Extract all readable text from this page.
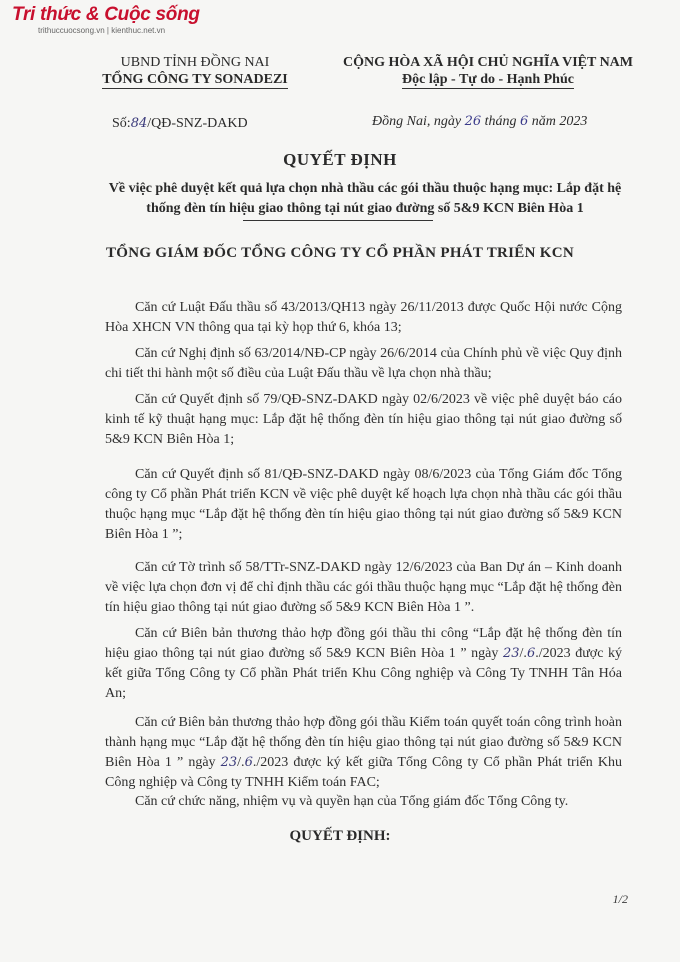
Tri thức & Cuộc sống
trithuccuocsong.vn | kienthuc.net.vn
UBND TỈNH ĐỒNG NAI
TỔNG CÔNG TY SONADEZI
CỘNG HÒA XÃ HỘI CHỦ NGHĨA VIỆT NAM
Độc lập - Tự do - Hạnh Phúc
Số:84/QĐ-SNZ-DAKD	Đồng Nai, ngày 26 tháng 6 năm 2023
QUYẾT ĐỊNH
Về việc phê duyệt kết quả lựa chọn nhà thầu các gói thầu thuộc hạng mục: Lắp đặt hệ thống đèn tín hiệu giao thông tại nút giao đường số 5&9 KCN Biên Hòa 1
TỔNG GIÁM ĐỐC TỔNG CÔNG TY CỔ PHẦN PHÁT TRIỂN KCN
Căn cứ Luật Đấu thầu số 43/2013/QH13 ngày 26/11/2013 được Quốc Hội nước Cộng Hòa XHCN VN thông qua tại kỳ họp thứ 6, khóa 13;
Căn cứ Nghị định số 63/2014/NĐ-CP ngày 26/6/2014 của Chính phủ về việc Quy định chi tiết thi hành một số điều của Luật Đấu thầu về lựa chọn nhà thầu;
Căn cứ Quyết định số 79/QĐ-SNZ-DAKD ngày 02/6/2023 về việc phê duyệt báo cáo kinh tế kỹ thuật hạng mục: Lắp đặt hệ thống đèn tín hiệu giao thông tại nút giao đường số 5&9 KCN Biên Hòa 1;
Căn cứ Quyết định số 81/QĐ-SNZ-DAKD ngày 08/6/2023 của Tổng Giám đốc Tổng công ty Cổ phần Phát triển KCN về việc phê duyệt kế hoạch lựa chọn nhà thầu các gói thầu thuộc hạng mục “Lắp đặt hệ thống đèn tín hiệu giao thông tại nút giao đường số 5&9 KCN Biên Hòa 1 ”;
Căn cứ Tờ trình số 58/TTr-SNZ-DAKD ngày 12/6/2023 của Ban Dự án – Kinh doanh về việc lựa chọn đơn vị để chỉ định thầu các gói thầu thuộc hạng mục “Lắp đặt hệ thống đèn tín hiệu giao thông tại nút giao đường số 5&9 KCN Biên Hòa 1 ”.
Căn cứ Biên bản thương thảo hợp đồng gói thầu thi công “Lắp đặt hệ thống đèn tín hiệu giao thông tại nút giao đường số 5&9 KCN Biên Hòa 1 ” ngày 23/.6./2023 được ký kết giữa Tổng Công ty Cổ phần Phát triển Khu Công nghiệp và Công Ty TNHH Tân Hóa An;
Căn cứ Biên bản thương thảo hợp đồng gói thầu Kiểm toán quyết toán công trình hoàn thành hạng mục “Lắp đặt hệ thống đèn tín hiệu giao thông tại nút giao đường số 5&9 KCN Biên Hòa 1 ” ngày 23/.6./2023 được ký kết giữa Tổng Công ty Cổ phần Phát triển Khu Công nghiệp và Công ty TNHH Kiểm toán FAC;
Căn cứ chức năng, nhiệm vụ và quyền hạn của Tổng giám đốc Tổng Công ty.
QUYẾT ĐỊNH:
1/2
